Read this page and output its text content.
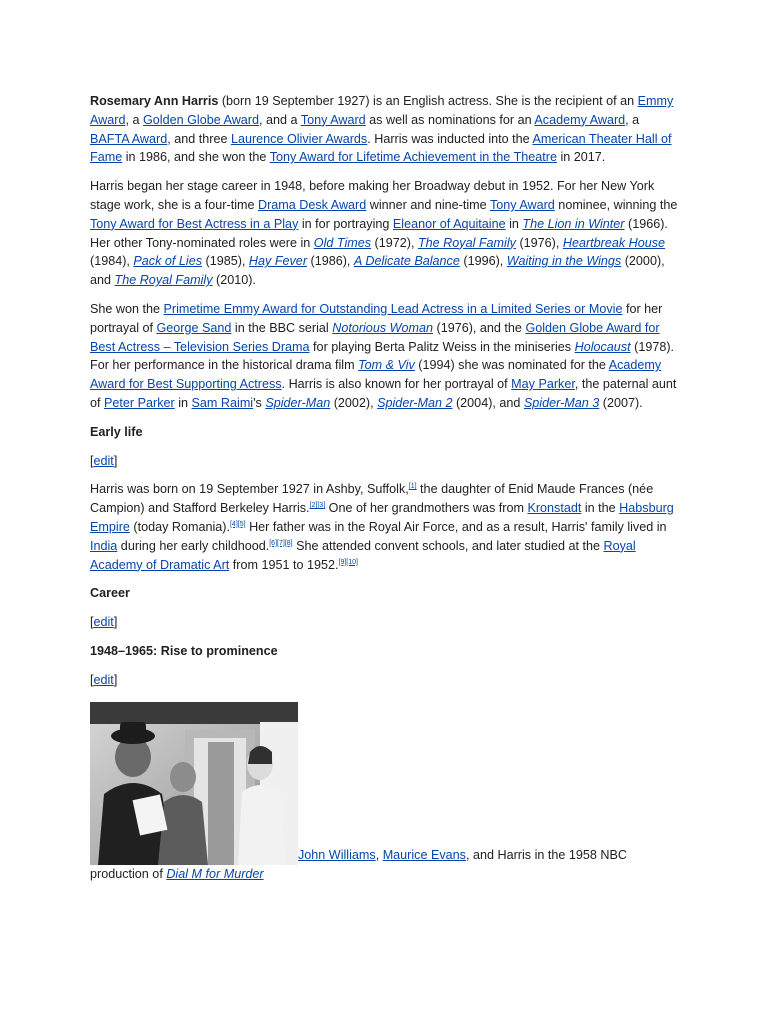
Rosemary Ann Harris (born 19 September 1927) is an English actress. She is the recipient of an Emmy Award, a Golden Globe Award, and a Tony Award as well as nominations for an Academy Award, a BAFTA Award, and three Laurence Olivier Awards. Harris was inducted into the American Theater Hall of Fame in 1986, and she won the Tony Award for Lifetime Achievement in the Theatre in 2017.

Harris began her stage career in 1948, before making her Broadway debut in 1952. For her New York stage work, she is a four-time Drama Desk Award winner and nine-time Tony Award nominee, winning the Tony Award for Best Actress in a Play in for portraying Eleanor of Aquitaine in The Lion in Winter (1966). Her other Tony-nominated roles were in Old Times (1972), The Royal Family (1976), Heartbreak House (1984), Pack of Lies (1985), Hay Fever (1986), A Delicate Balance (1996), Waiting in the Wings (2000), and The Royal Family (2010).

She won the Primetime Emmy Award for Outstanding Lead Actress in a Limited Series or Movie for her portrayal of George Sand in the BBC serial Notorious Woman (1976), and the Golden Globe Award for Best Actress – Television Series Drama for playing Berta Palitz Weiss in the miniseries Holocaust (1978). For her performance in the historical drama film Tom & Viv (1994) she was nominated for the Academy Award for Best Supporting Actress. Harris is also known for her portrayal of May Parker, the paternal aunt of Peter Parker in Sam Raimi's Spider-Man (2002), Spider-Man 2 (2004), and Spider-Man 3 (2007).

Early life

[edit]

Harris was born on 19 September 1927 in Ashby, Suffolk,[1] the daughter of Enid Maude Frances (née Campion) and Stafford Berkeley Harris.[2][3] One of her grandmothers was from Kronstadt in the Habsburg Empire (today Romania).[4][5] Her father was in the Royal Air Force, and as a result, Harris' family lived in India during her early childhood.[6][7][8] She attended convent schools, and later studied at the Royal Academy of Dramatic Art from 1951 to 1952.[9][10]

Career

[edit]

1948–1965: Rise to prominence

[edit]

John Williams, Maurice Evans, and Harris in the 1958 NBC production of Dial M for Murder
